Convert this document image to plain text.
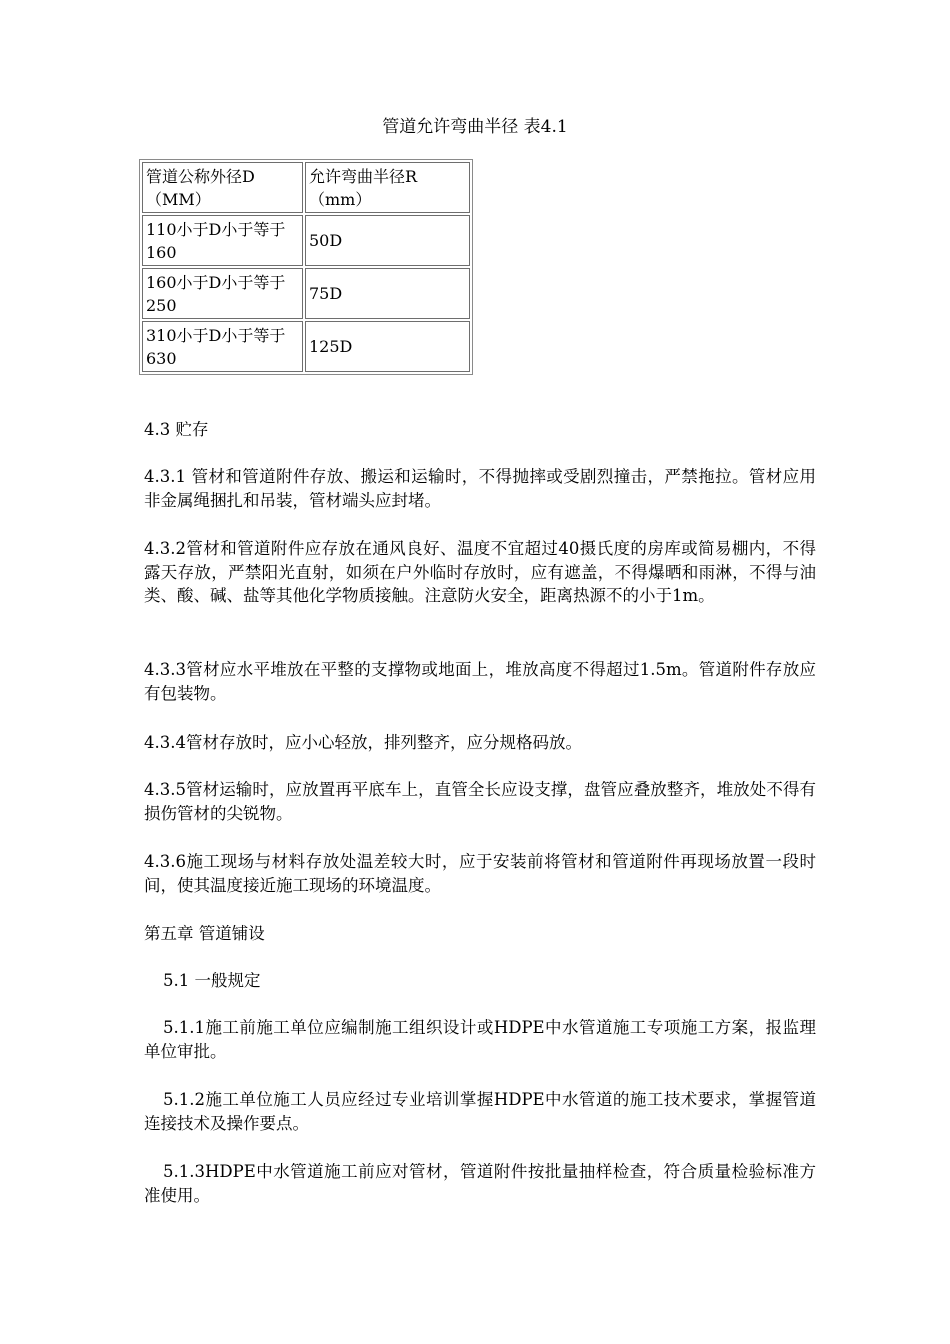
管道允许弯曲半径 表4.1
管道公称外径D（MM）	允许弯曲半径R（mm）
110小于D小于等于160	50D
160小于D小于等于250	75D
310小于D小于等于630	125D

4.3 贮存

4.3.1 管材和管道附件存放、搬运和运输时，不得抛摔或受剧烈撞击，严禁拖拉。管材应用非金属绳捆扎和吊装，管材端头应封堵。

4.3.2管材和管道附件应存放在通风良好、温度不宜超过40摄氏度的房库或简易棚内，不得露天存放，严禁阳光直射，如须在户外临时存放时，应有遮盖，不得爆晒和雨淋，不得与油类、酸、碱、盐等其他化学物质接触。注意防火安全，距离热源不的小于1m。

4.3.3管材应水平堆放在平整的支撑物或地面上，堆放高度不得超过1.5m。管道附件存放应有包装物。

4.3.4管材存放时，应小心轻放，排列整齐，应分规格码放。

4.3.5管材运输时，应放置再平底车上，直管全长应设支撑，盘管应叠放整齐，堆放处不得有损伤管材的尖锐物。

4.3.6施工现场与材料存放处温差较大时，应于安装前将管材和管道附件再现场放置一段时间，使其温度接近施工现场的环境温度。

第五章 管道铺设

5.1 一般规定

5.1.1施工前施工单位应编制施工组织设计或HDPE中水管道施工专项施工方案，报监理单位审批。

5.1.2施工单位施工人员应经过专业培训掌握HDPE中水管道的施工技术要求，掌握管道连接技术及操作要点。

5.1.3HDPE中水管道施工前应对管材，管道附件按批量抽样检查，符合质量检验标准方准使用。
